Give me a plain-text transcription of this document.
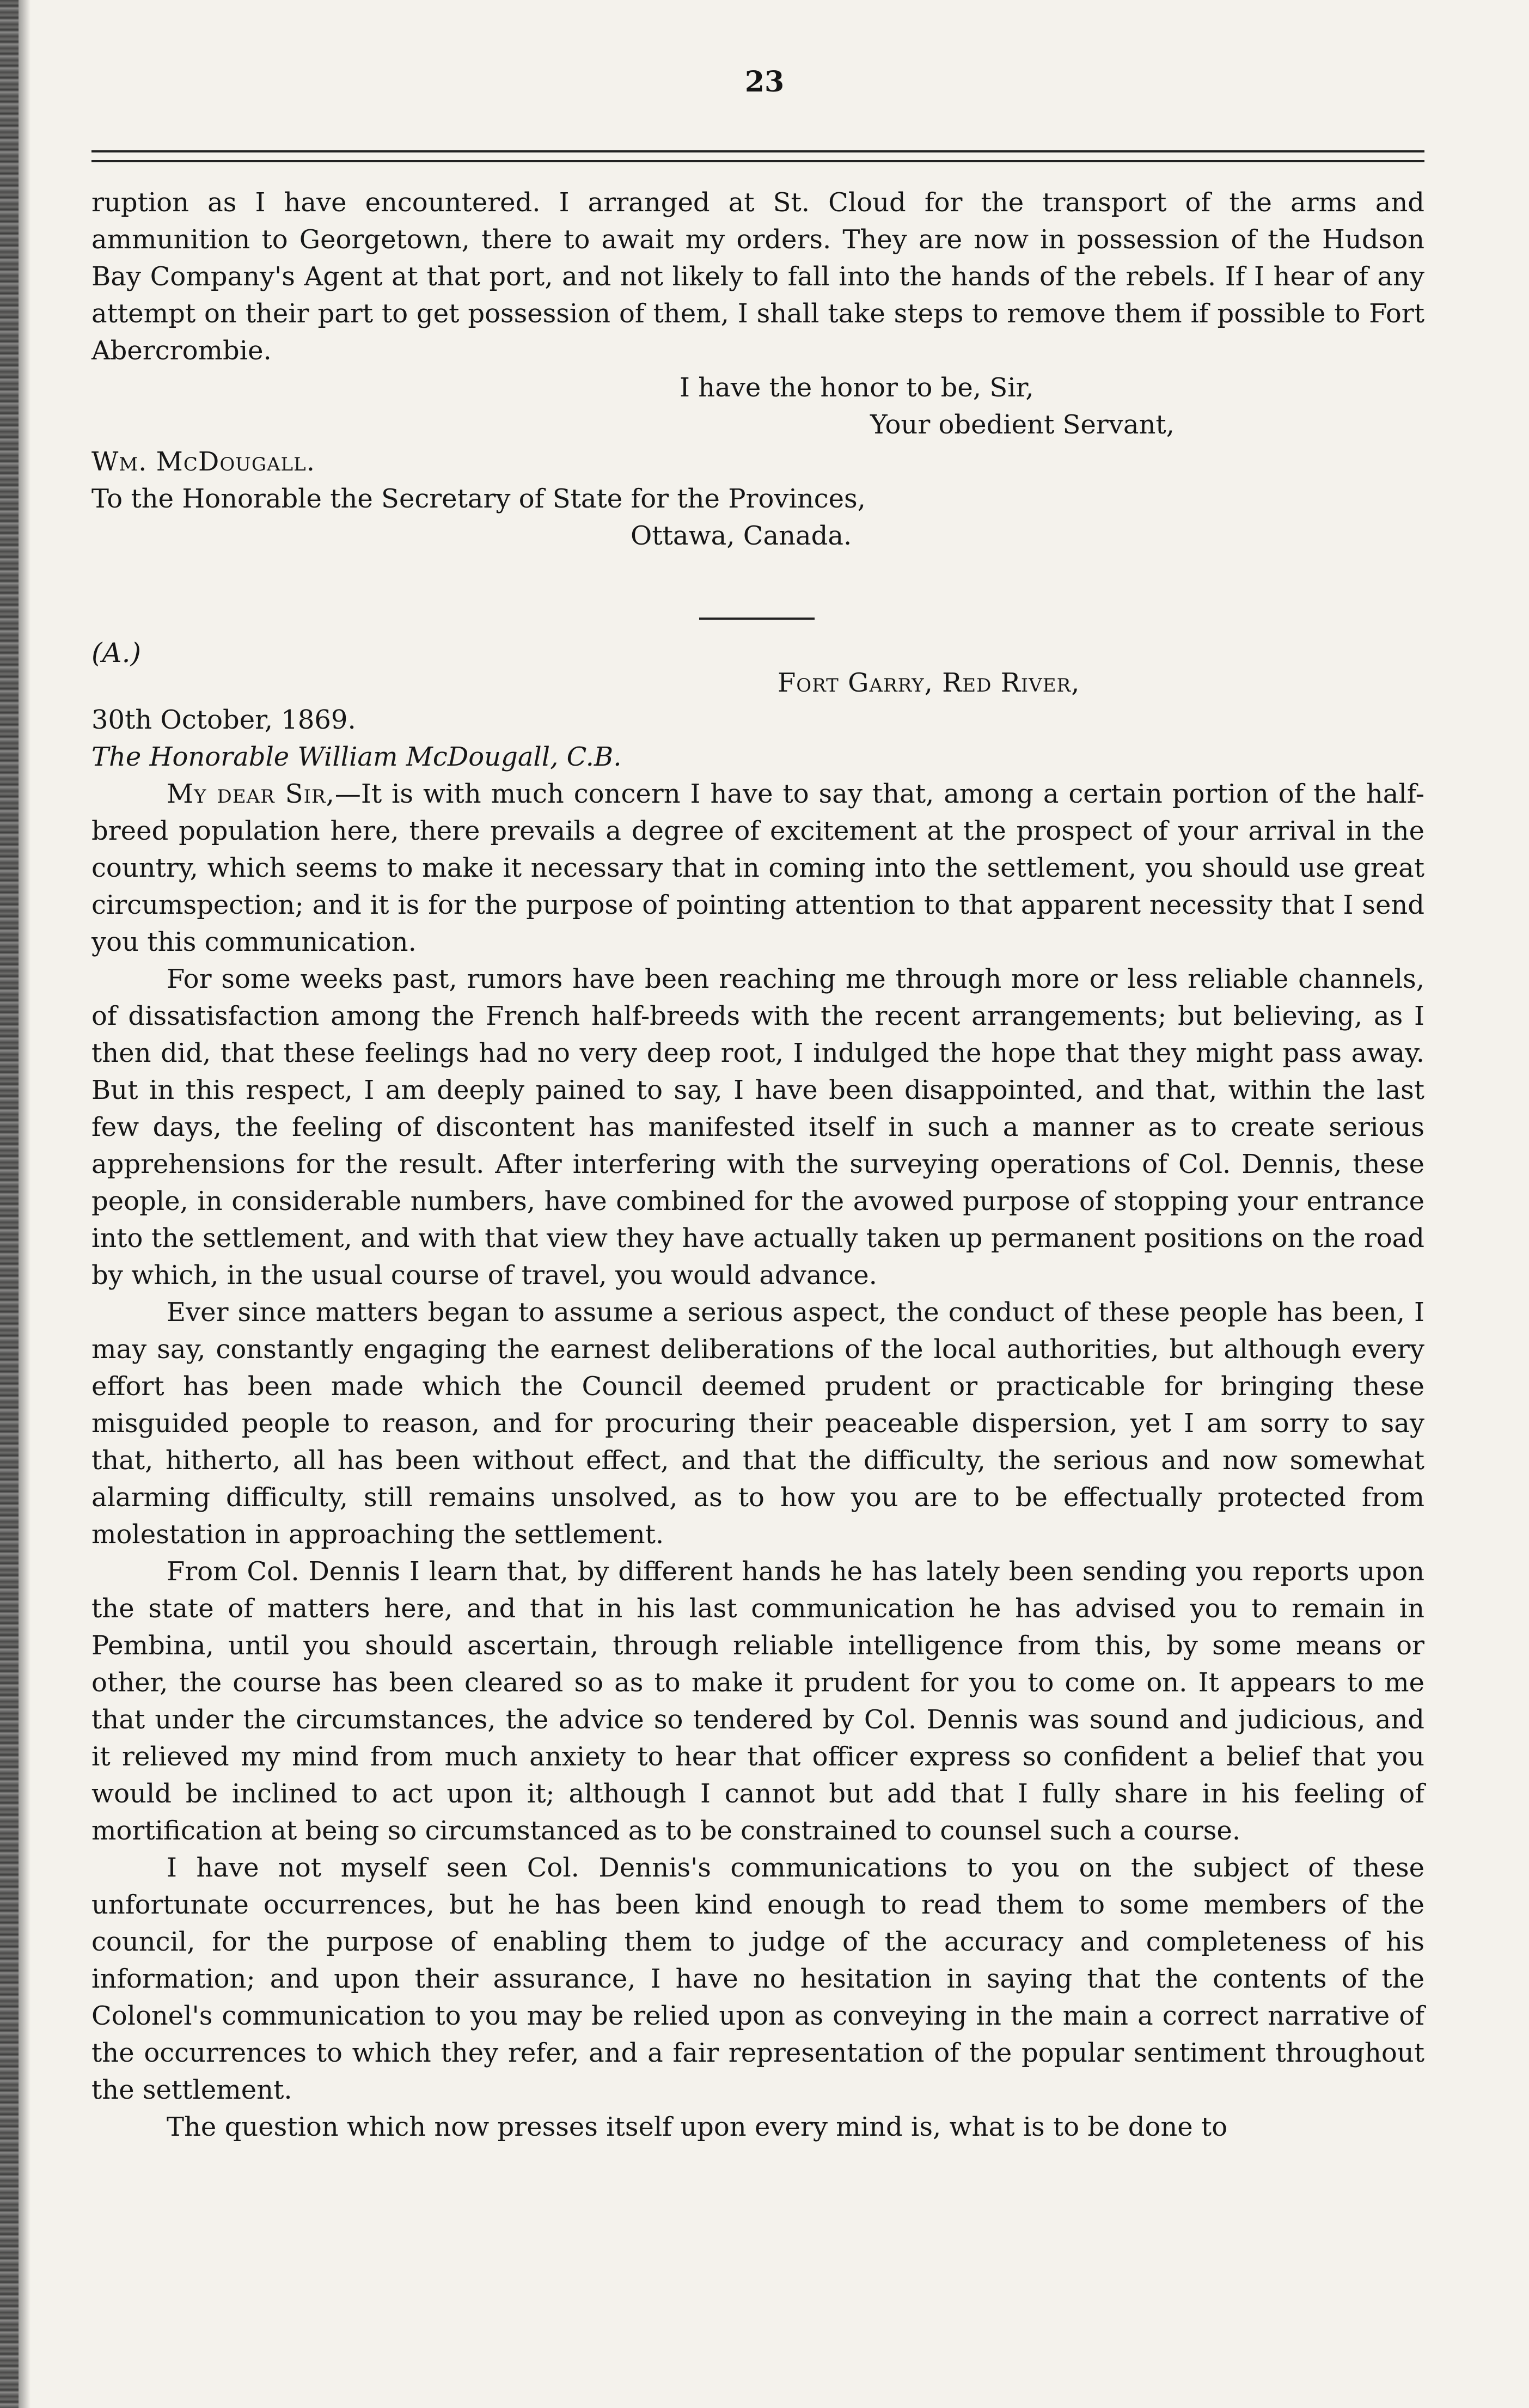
23

ruption as I have encountered. I arranged at St. Cloud for the transport of the arms and ammunition to Georgetown, there to await my orders. They are now in possession of the Hudson Bay Company's Agent at that port, and not likely to fall into the hands of the rebels. If I hear of any attempt on their part to get possession of them, I shall take steps to remove them if possible to Fort Abercrombie.

I have the honor to be, Sir,

Your obedient Servant,

Wm. McDougall.

To the Honorable the Secretary of State for the Provinces,

Ottawa, Canada.

(A.)

Fort Garry, Red River,

30th October, 1869.

The Honorable William McDougall, C.B.

My dear Sir,—It is with much concern I have to say that, among a certain portion of the half-breed population here, there prevails a degree of excitement at the prospect of your arrival in the country, which seems to make it necessary that in coming into the settlement, you should use great circumspection; and it is for the purpose of pointing attention to that apparent necessity that I send you this communication.

For some weeks past, rumors have been reaching me through more or less reliable channels, of dissatisfaction among the French half-breeds with the recent arrangements; but believing, as I then did, that these feelings had no very deep root, I indulged the hope that they might pass away. But in this respect, I am deeply pained to say, I have been disappointed, and that, within the last few days, the feeling of discontent has manifested itself in such a manner as to create serious apprehensions for the result. After interfering with the surveying operations of Col. Dennis, these people, in considerable numbers, have combined for the avowed purpose of stopping your entrance into the settlement, and with that view they have actually taken up permanent positions on the road by which, in the usual course of travel, you would advance.

Ever since matters began to assume a serious aspect, the conduct of these people has been, I may say, constantly engaging the earnest deliberations of the local authorities, but although every effort has been made which the Council deemed prudent or practicable for bringing these misguided people to reason, and for procuring their peaceable dispersion, yet I am sorry to say that, hitherto, all has been without effect, and that the difficulty, the serious and now somewhat alarming difficulty, still remains unsolved, as to how you are to be effectually protected from molestation in approaching the settlement.

From Col. Dennis I learn that, by different hands he has lately been sending you reports upon the state of matters here, and that in his last communication he has advised you to remain in Pembina, until you should ascertain, through reliable intelligence from this, by some means or other, the course has been cleared so as to make it prudent for you to come on. It appears to me that under the circumstances, the advice so tendered by Col. Dennis was sound and judicious, and it relieved my mind from much anxiety to hear that officer express so confident a belief that you would be inclined to act upon it; although I cannot but add that I fully share in his feeling of mortification at being so circumstanced as to be constrained to counsel such a course.

I have not myself seen Col. Dennis's communications to you on the subject of these unfortunate occurrences, but he has been kind enough to read them to some members of the council, for the purpose of enabling them to judge of the accuracy and completeness of his information; and upon their assurance, I have no hesitation in saying that the contents of the Colonel's communication to you may be relied upon as conveying in the main a correct narrative of the occurrences to which they refer, and a fair representation of the popular sentiment throughout the settlement.

The question which now presses itself upon every mind is, what is to be done to
